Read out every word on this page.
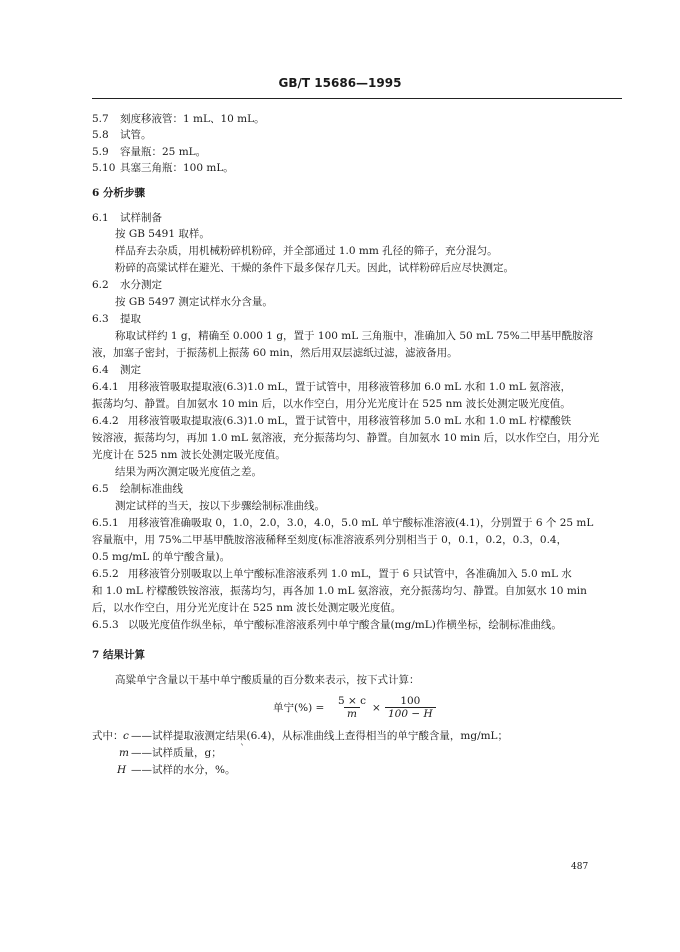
GB/T 15686—1995
5.7 刻度移液管：1 mL、10 mL。
5.8 试管。
5.9 容量瓶：25 mL。
5.10 具塞三角瓶：100 mL。
6 分析步骤
6.1 试样制备
按 GB 5491 取样。
样品弃去杂质，用机械粉碎机粉碎，并全部通过 1.0 mm 孔径的筛子，充分混匀。
粉碎的高粱试样在避光、干燥的条件下最多保存几天。因此，试样粉碎后应尽快测定。
6.2 水分测定
按 GB 5497 测定试样水分含量。
6.3 提取
称取试样约 1 g，精确至 0.000 1 g，置于 100 mL 三角瓶中，准确加入 50 mL 75%二甲基甲酰胺溶
液，加塞子密封，于振荡机上振荡 60 min，然后用双层滤纸过滤，滤液备用。
6.4 测定
6.4.1 用移液管吸取提取液(6.3)1.0 mL，置于试管中，用移液管移加 6.0 mL 水和 1.0 mL 氨溶液，
振荡均匀、静置。自加氨水 10 min 后，以水作空白，用分光光度计在 525 nm 波长处测定吸光度值。
6.4.2 用移液管吸取提取液(6.3)1.0 mL，置于试管中，用移液管移加 5.0 mL 水和 1.0 mL 柠檬酸铁
铵溶液，振荡均匀，再加 1.0 mL 氨溶液，充分振荡均匀、静置。自加氨水 10 min 后，以水作空白，用分光
光度计在 525 nm 波长处测定吸光度值。
结果为两次测定吸光度值之差。
6.5 绘制标准曲线
测定试样的当天，按以下步骤绘制标准曲线。
6.5.1 用移液管准确吸取 0，1.0，2.0，3.0，4.0，5.0 mL 单宁酸标准溶液(4.1)，分别置于 6 个 25 mL
容量瓶中，用 75%二甲基甲酰胺溶液稀释至刻度(标准溶液系列分别相当于 0，0.1，0.2，0.3，0.4，
0.5 mg/mL 的单宁酸含量)。
6.5.2 用移液管分别吸取以上单宁酸标准溶液系列 1.0 mL，置于 6 只试管中，各准确加入 5.0 mL 水
和 1.0 mL 柠檬酸铁铵溶液，振荡均匀，再各加 1.0 mL 氨溶液，充分振荡均匀、静置。自加氨水 10 min
后，以水作空白，用分光光度计在 525 nm 波长处测定吸光度值。
6.5.3 以吸光度值作纵坐标，单宁酸标准溶液系列中单宁酸含量(mg/mL)作横坐标，绘制标准曲线。
7 结果计算
高粱单宁含量以干基中单宁酸质量的百分数来表示，按下式计算：
单宁(%) = $\frac{5 \times c}{m} \times \frac{100}{100 - H}$
式中： c ——试样提取液测定结果(6.4)，从标准曲线上查得相当的单宁酸含量，mg/mL；
m ——试样质量，g； ˋ
H ——试样的水分，%。
487
